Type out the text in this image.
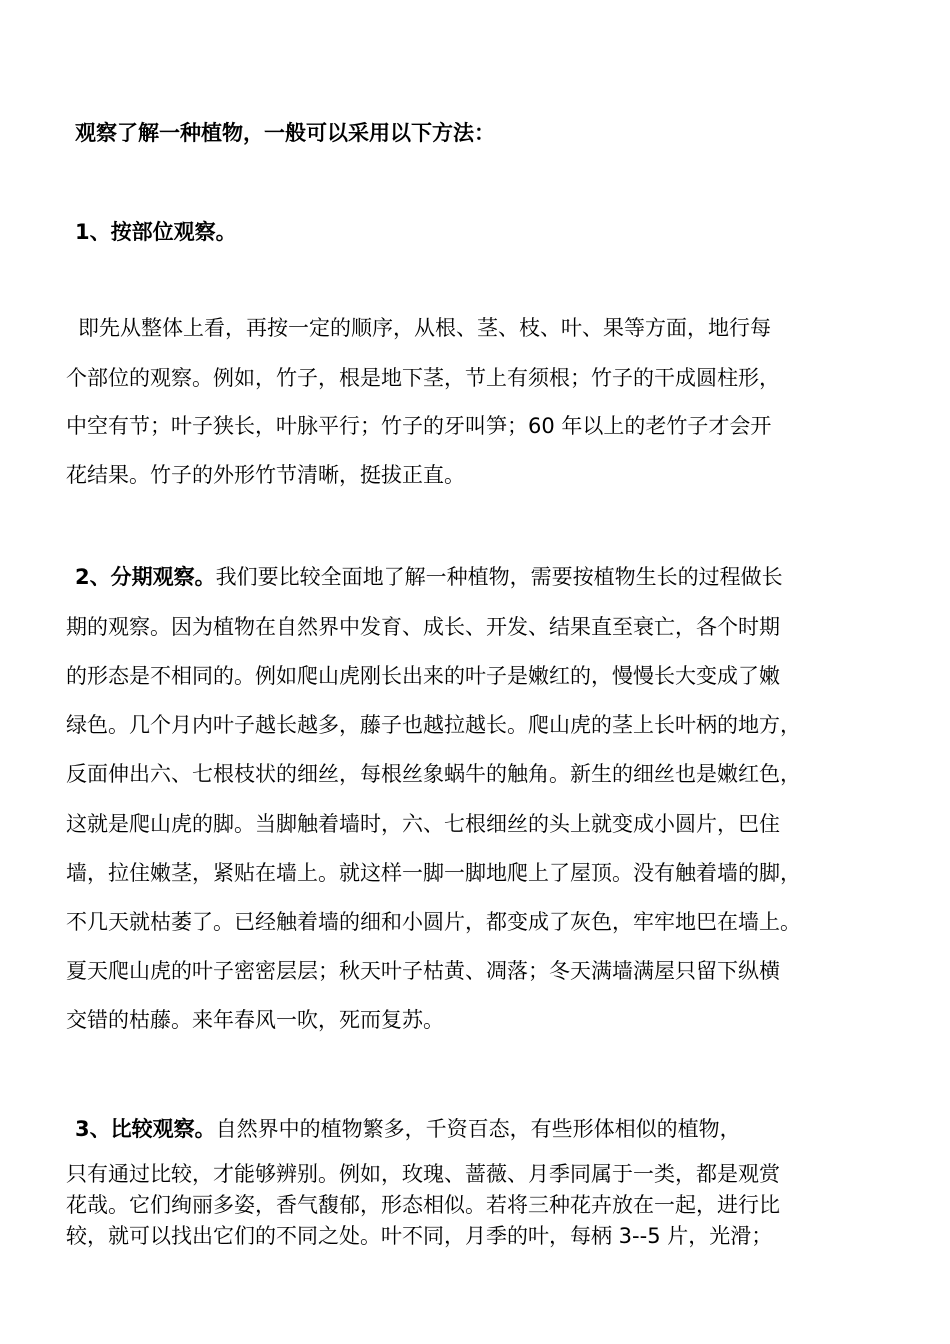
观察了解一种植物，一般可以采用以下方法：
1、按部位观察。
即先从整体上看，再按一定的顺序，从根、茎、枝、叶、果等方面，地行每
个部位的观察。例如，竹子，根是地下茎，节上有须根；竹子的干成圆柱形，
中空有节；叶子狭长，叶脉平行；竹子的牙叫笋；60 年以上的老竹子才会开
花结果。竹子的外形竹节清晰，挺拔正直。
2、分期观察。我们要比较全面地了解一种植物，需要按植物生长的过程做长
期的观察。因为植物在自然界中发育、成长、开发、结果直至衰亡，各个时期
的形态是不相同的。例如爬山虎刚长出来的叶子是嫩红的，慢慢长大变成了嫩
绿色。几个月内叶子越长越多，藤子也越拉越长。爬山虎的茎上长叶柄的地方，
反面伸出六、七根枝状的细丝，每根丝象蜗牛的触角。新生的细丝也是嫩红色，
这就是爬山虎的脚。当脚触着墙时，六、七根细丝的头上就变成小圆片，巴住
墙，拉住嫩茎，紧贴在墙上。就这样一脚一脚地爬上了屋顶。没有触着墙的脚，
不几天就枯萎了。已经触着墙的细和小圆片，都变成了灰色，牢牢地巴在墙上。
夏天爬山虎的叶子密密层层；秋天叶子枯黄、凋落；冬天满墙满屋只留下纵横
交错的枯藤。来年春风一吹，死而复苏。
3、比较观察。自然界中的植物繁多，千资百态，有些形体相似的植物，
只有通过比较，才能够辨别。例如，玫瑰、蔷薇、月季同属于一类，都是观赏
花哉。它们绚丽多姿，香气馥郁，形态相似。若将三种花卉放在一起，进行比
较，就可以找出它们的不同之处。叶不同，月季的叶，每柄 3--5 片，光滑；
